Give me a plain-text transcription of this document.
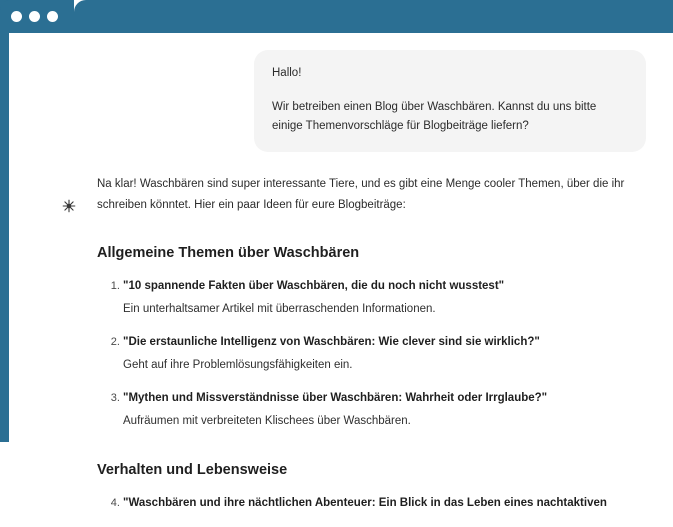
Hallo!

Wir betreiben einen Blog über Waschbären. Kannst du uns bitte einige Themenvorschläge für Blogbeiträge liefern?

Na klar! Waschbären sind super interessante Tiere, und es gibt eine Menge cooler Themen, über die ihr schreiben könntet. Hier ein paar Ideen für eure Blogbeiträge:

Allgemeine Themen über Waschbären
1. "10 spannende Fakten über Waschbären, die du noch nicht wusstest"
Ein unterhaltsamer Artikel mit überraschenden Informationen.
2. "Die erstaunliche Intelligenz von Waschbären: Wie clever sind sie wirklich?"
Geht auf ihre Problemlösungsfähigkeiten ein.
3. "Mythen und Missverständnisse über Waschbären: Wahrheit oder Irrglaube?"
Aufräumen mit verbreiteten Klischees über Waschbären.
Verhalten und Lebensweise
4. "Waschbären und ihre nächtlichen Abenteuer: Ein Blick in das Leben eines nachtaktiven
